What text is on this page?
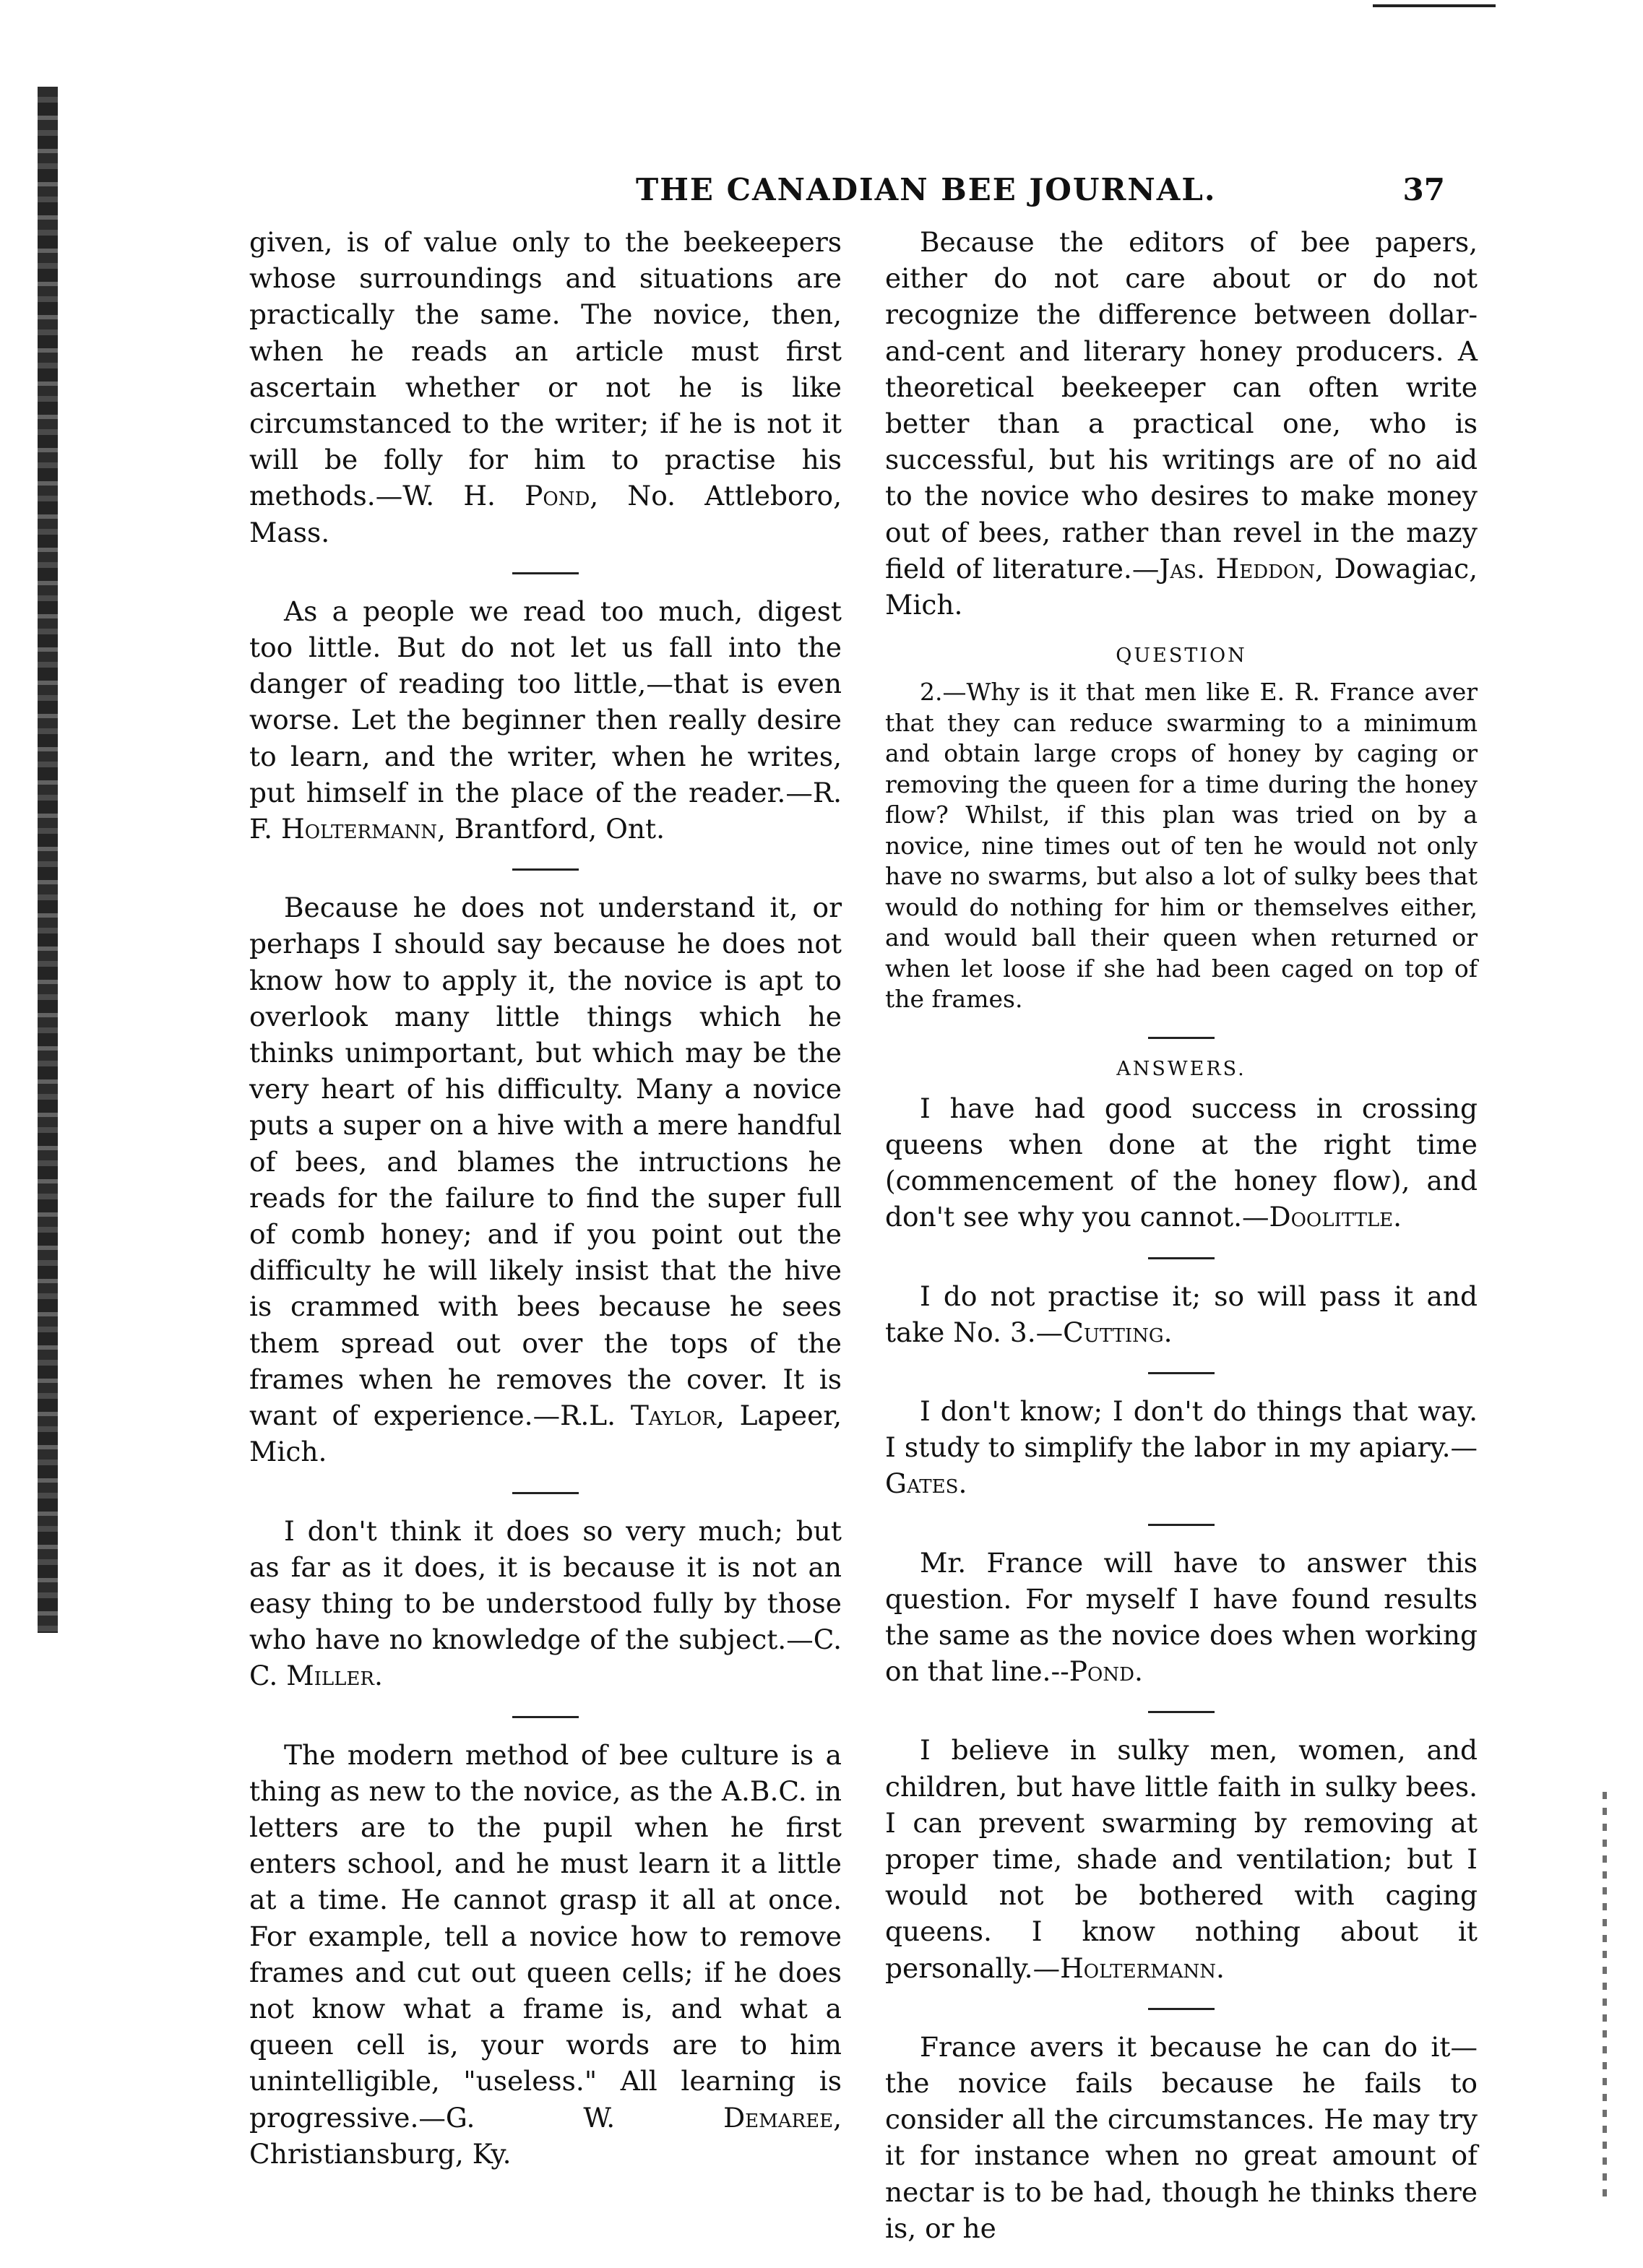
THE CANADIAN BEE JOURNAL.	37

given, is of value only to the beekeepers whose surroundings and situations are practically the same. The novice, then, when he reads an article must first ascertain whether or not he is like circumstanced to the writer; if he is not it will be folly for him to practise his methods.—W. H. Pond, No. Attleboro, Mass.

As a people we read too much, digest too little. But do not let us fall into the danger of reading too little,—that is even worse. Let the beginner then really desire to learn, and the writer, when he writes, put himself in the place of the reader.—R. F. Holtermann, Brantford, Ont.

Because he does not understand it, or perhaps I should say because he does not know how to apply it, the novice is apt to overlook many little things which he thinks unimportant, but which may be the very heart of his difficulty. Many a novice puts a super on a hive with a mere handful of bees, and blames the intructions he reads for the failure to find the super full of comb honey; and if you point out the difficulty he will likely insist that the hive is crammed with bees because he sees them spread out over the tops of the frames when he removes the cover. It is want of experience.—R.L. Taylor, Lapeer, Mich.

I don't think it does so very much; but as far as it does, it is because it is not an easy thing to be understood fully by those who have no knowledge of the subject.—C. C. Miller.

The modern method of bee culture is a thing as new to the novice, as the A.B.C. in letters are to the pupil when he first enters school, and he must learn it a little at a time. He cannot grasp it all at once. For example, tell a novice how to remove frames and cut out queen cells; if he does not know what a frame is, and what a queen cell is, your words are to him unintelligible, "useless." All learning is progressive.—G. W. Demaree, Christiansburg, Ky.

Because the editors of bee papers, either do not care about or do not recognize the difference between dollar-and-cent and literary honey producers. A theoretical beekeeper can often write better than a practical one, who is successful, but his writings are of no aid to the novice who desires to make money out of bees, rather than revel in the mazy field of literature.—Jas. Heddon, Dowagiac, Mich.

QUESTION

2.—Why is it that men like E. R. France aver that they can reduce swarming to a minimum and obtain large crops of honey by caging or removing the queen for a time during the honey flow? Whilst, if this plan was tried on by a novice, nine times out of ten he would not only have no swarms, but also a lot of sulky bees that would do nothing for him or themselves either, and would ball their queen when returned or when let loose if she had been caged on top of the frames.

ANSWERS.

I have had good success in crossing queens when done at the right time (commencement of the honey flow), and don't see why you cannot.—Doolittle.

I do not practise it; so will pass it and take No. 3.—Cutting.

I don't know; I don't do things that way. I study to simplify the labor in my apiary.—Gates.

Mr. France will have to answer this question. For myself I have found results the same as the novice does when working on that line.--Pond.

I believe in sulky men, women, and children, but have little faith in sulky bees. I can prevent swarming by removing at proper time, shade and ventilation; but I would not be bothered with caging queens. I know nothing about it personally.—Holtermann.

France avers it because he can do it—the novice fails because he fails to consider all the circumstances. He may try it for instance when no great amount of nectar is to be had, though he thinks there is, or he
